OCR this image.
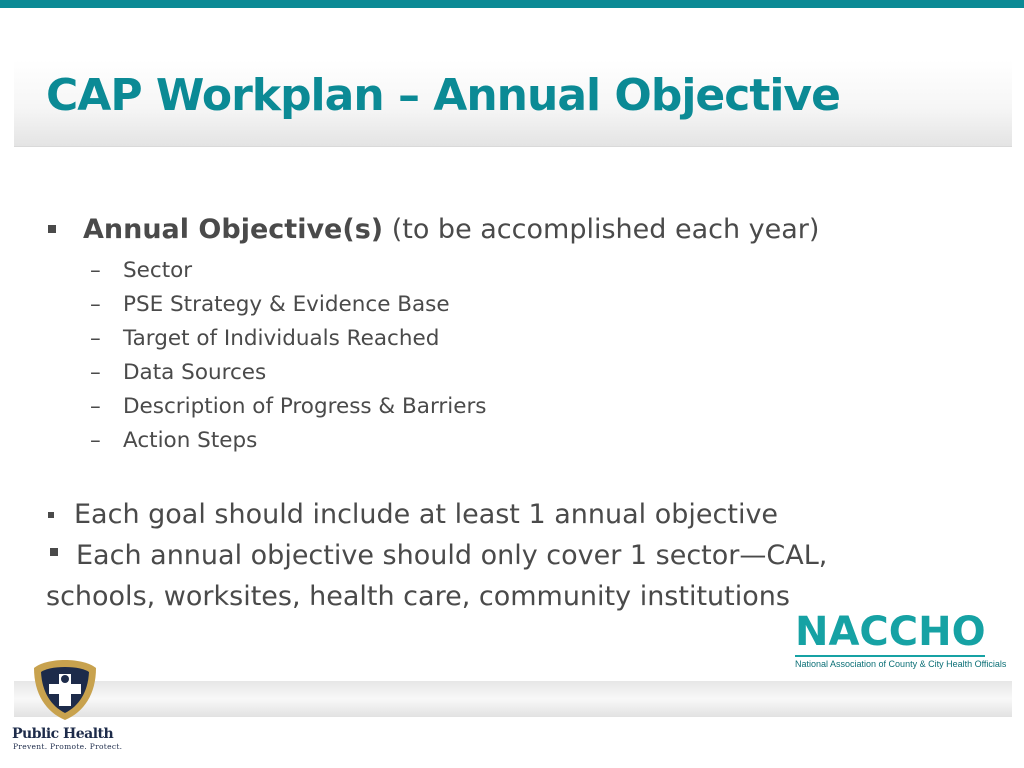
CAP Workplan – Annual Objective
Annual Objective(s) (to be accomplished each year)
– Sector
– PSE Strategy & Evidence Base
– Target of Individuals Reached
– Data Sources
– Description of Progress & Barriers
– Action Steps
Each goal should include at least 1 annual objective
Each annual objective should only cover 1 sector—CAL,
schools, worksites, health care, community institutions
NACCHO
National Association of County & City Health Officials
Public Health
Prevent. Promote. Protect.
